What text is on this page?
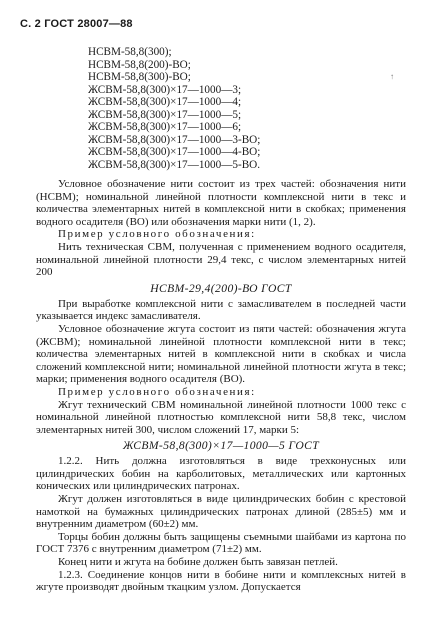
С. 2 ГОСТ 28007—88
НСВМ-58,8(300);
НСВМ-58,8(200)-ВО;
НСВМ-58,8(300)-ВО;
ЖСВМ-58,8(300)×17—1000—3;
ЖСВМ-58,8(300)×17—1000—4;
ЖСВМ-58,8(300)×17—1000—5;
ЖСВМ-58,8(300)×17—1000—6;
ЖСВМ-58,8(300)×17—1000—3-ВО;
ЖСВМ-58,8(300)×17—1000—4-ВО;
ЖСВМ-58,8(300)×17—1000—5-ВО.
↑

Условное обозначение нити состоит из трех частей: обозначения нити (НСВМ); номинальной линейной плотности комплексной нити в текс и количества элементарных нитей в комплексной нити в скобках; применения водного осадителя (ВО) или обозначения марки нити (1, 2).

Пример условного обозначения:

Нить техническая СВМ, полученная с применением водного осадителя, номинальной линейной плотности 29,4 текс, с числом элементарных нитей 200

НСВМ-29,4(200)-ВО ГОСТ

При выработке комплексной нити с замасливателем в последней части указывается индекс замасливателя.

Условное обозначение жгута состоит из пяти частей: обозначения жгута (ЖСВМ); номинальной линейной плотности комплексной нити в текс; количества элементарных нитей в комплексной нити в скобках и числа сложений комплексной нити; номинальной линейной плотности жгута в текс; марки; применения водного осадителя (ВО).

Пример условного обозначения:

Жгут технический СВМ номинальной линейной плотности 1000 текс с номинальной линейной плотностью комплексной нити 58,8 текс, числом элементарных нитей 300, числом сложений 17, марки 5:

ЖСВМ-58,8(300)×17—1000—5 ГОСТ

1.2.2. Нить должна изготовляться в виде трехконусных или цилиндрических бобин на карболитовых, металлических или картонных конических или цилиндрических патронах.

Жгут должен изготовляться в виде цилиндрических бобин с крестовой намоткой на бумажных цилиндрических патронах длиной (285±5) мм и внутренним диаметром (60±2) мм.

Торцы бобин должны быть защищены съемными шайбами из картона по ГОСТ 7376 с внутренним диаметром (71±2) мм.

Конец нити и жгута на бобине должен быть завязан петлей.

1.2.3. Соединение концов нити в бобине нити и комплексных нитей в жгуте производят двойным ткацким узлом. Допускается
